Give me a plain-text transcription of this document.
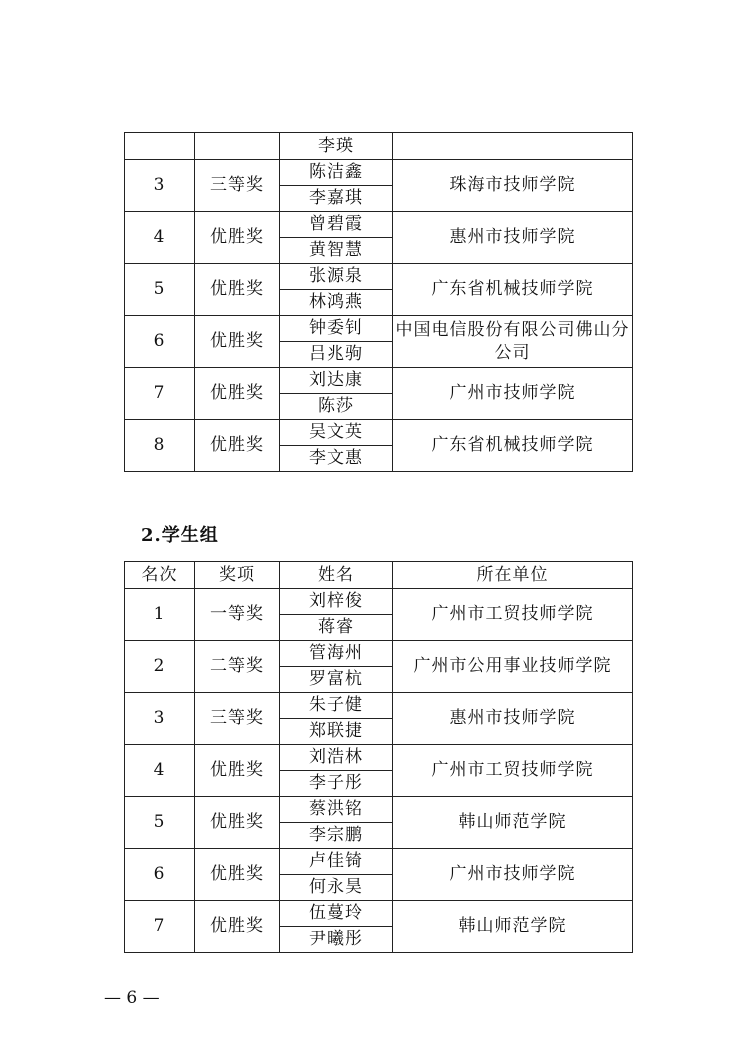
		李瑛	
3	三等奖	陈洁鑫	珠海市技师学院
		李嘉琪	
4	优胜奖	曾碧霞	惠州市技师学院
		黄智慧	
5	优胜奖	张源泉	广东省机械技师学院
		林鸿燕	
6	优胜奖	钟委钊	中国电信股份有限公司佛山分公司
		吕兆驹	
7	优胜奖	刘达康	广州市技师学院
		陈莎	
8	优胜奖	吴文英	广东省机械技师学院
		李文惠	
2.学生组
名次	奖项	姓名	所在单位
1	一等奖	刘梓俊	广州市工贸技师学院
		蒋睿	
2	二等奖	管海州	广州市公用事业技师学院
		罗富杭	
3	三等奖	朱子健	惠州市技师学院
		郑联捷	
4	优胜奖	刘浩林	广州市工贸技师学院
		李子彤	
5	优胜奖	蔡洪铭	韩山师范学院
		李宗鹏	
6	优胜奖	卢佳锜	广州市技师学院
		何永昊	
7	优胜奖	伍蔓玲	韩山师范学院
		尹曦彤	
— 6 —
